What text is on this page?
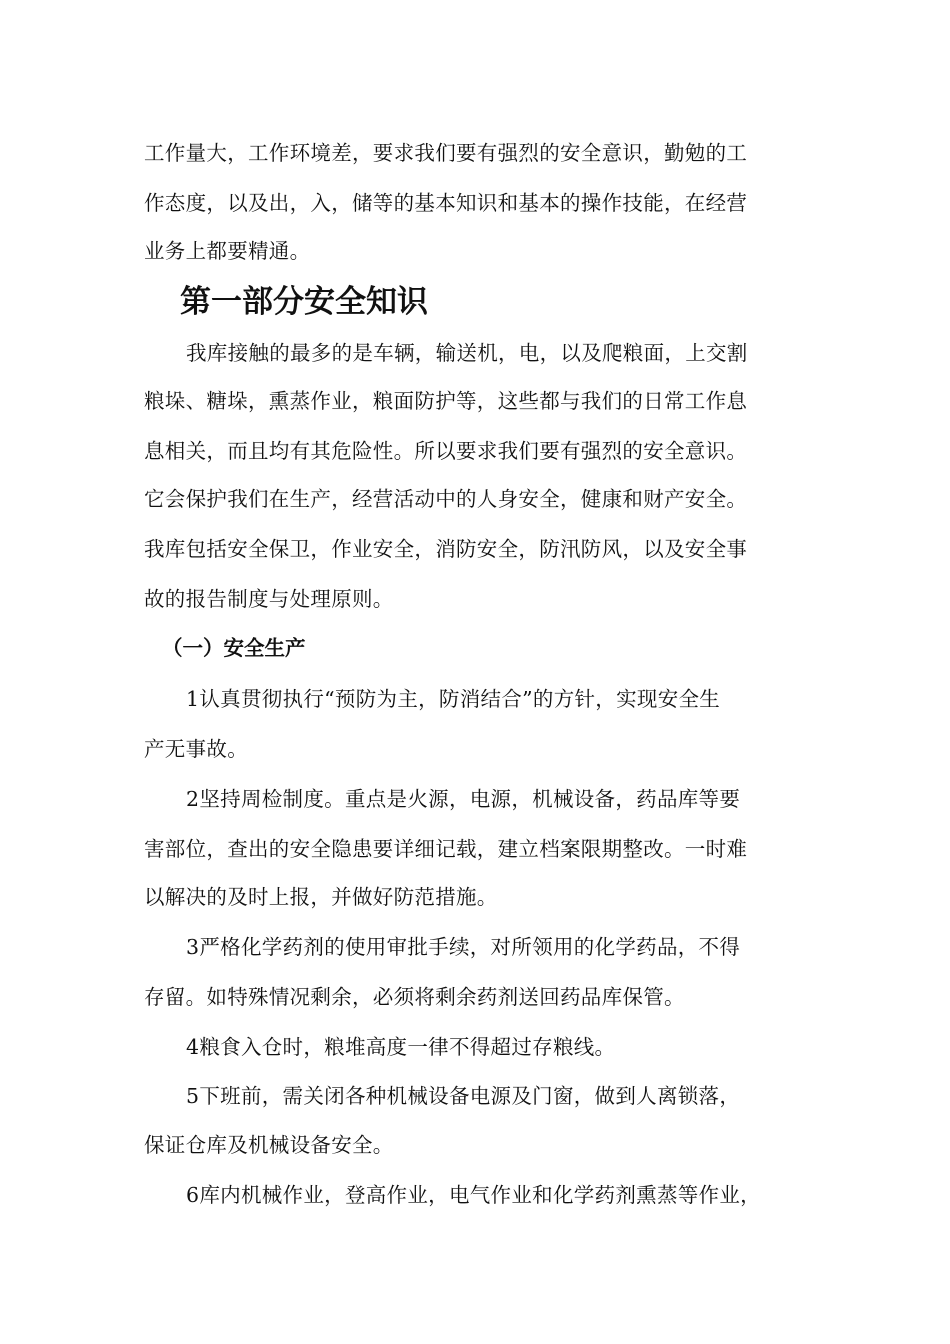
工作量大，工作环境差，要求我们要有强烈的安全意识，勤勉的工
作态度，以及出，入，储等的基本知识和基本的操作技能，在经营
业务上都要精通。
第一部分安全知识
我库接触的最多的是车辆，输送机，电，以及爬粮面，上交割
粮垛、糖垛，熏蒸作业，粮面防护等，这些都与我们的日常工作息
息相关，而且均有其危险性。所以要求我们要有强烈的安全意识。
它会保护我们在生产，经营活动中的人身安全，健康和财产安全。
我库包括安全保卫，作业安全，消防安全，防汛防风，以及安全事
故的报告制度与处理原则。
（一）安全生产
1认真贯彻执行“预防为主，防消结合”的方针，实现安全生
产无事故。
2坚持周检制度。重点是火源，电源，机械设备，药品库等要
害部位，查出的安全隐患要详细记载，建立档案限期整改。一时难
以解决的及时上报，并做好防范措施。
3严格化学药剂的使用审批手续，对所领用的化学药品，不得
存留。如特殊情况剩余，必须将剩余药剂送回药品库保管。
4粮食入仓时，粮堆高度一律不得超过存粮线。
5下班前，需关闭各种机械设备电源及门窗，做到人离锁落，
保证仓库及机械设备安全。
6库内机械作业，登高作业，电气作业和化学药剂熏蒸等作业，
